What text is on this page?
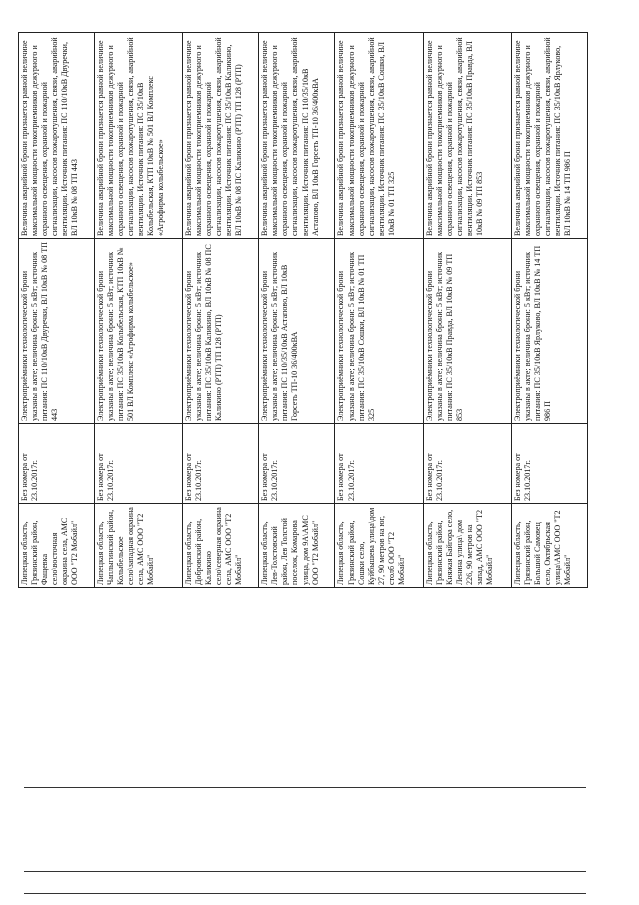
Липецкая область, Грязинский район, Фащевка село\восточная окраина села, АМС ООО "Т2 Мобайл"	Без номера от 23.10.2017г.	Электроприёмники технологической брони указаны в акте; величина брони: 5 кВт; источник питания: ПС 110/10кВ Двуречки, ВЛ 10кВ № 08 ТП 443	Величина аварийной брони признается равной величине максимальной мощности токоприемников дежурного и охранного освещения, охранной и пожарной сигнализации, насосов пожаротушения, связи, аварийной вентиляции. Источник питания: ПС 110/10кВ Двуречки, ВЛ 10кВ № 08 ТП 443
Липецкая область, Чаплыгинский район, Колыбельское село\западная окраина села, АМС ООО "Т2 Мобайл"	Без номера от 23.10.2017г.	Электроприёмники технологической брони указаны в акте; величина брони: 5 кВт; источник питания: ПС 35/10кВ Колыбельская, КТП 10кВ № 501 ВЛ Комплекс «Агрофирма колыбельское»	Величина аварийной брони признается равной величине максимальной мощности токоприемников дежурного и охранного освещения, охранной и пожарной сигнализации, насосов пожаротушения, связи, аварийной вентиляции. Источник питания: ПС 35/10кВ Колыбельская, КТП 10кВ № 501 ВЛ Комплекс «Агрофирма колыбельское»
Липецкая область, Добровский район, Каликино село\северная окраина села, АМС ООО "Т2 Мобайл"	Без номера от 23.10.2017г.	Электроприёмники технологической брони указаны в акте; величина брони: 5 кВт; источник питания: ПС 35/10кВ Каликино, ВЛ 10кВ № 08 ПС Каликино (РТП) ТП 128 (РТП)	Величина аварийной брони признается равной величине максимальной мощности токоприемников дежурного и охранного освещения, охранной и пожарной сигнализации, насосов пожаротушения, связи, аварийной вентиляции. Источник питания: ПС 35/10кВ Каликино, ВЛ 10кВ № 08 ПС Каликино (РТП) ТП 128 (РТП)
Липецкая область, Лев-Толстовский район, Лев Толстой поселок, Комарова улица, дом 9А\АМС ООО "Т2 Мобайл"	Без номера от 23.10.2017г.	Электроприёмники технологической брони указаны в акте; величина брони: 5 кВт; источник питания: ПС 110/35/10кВ Астапово, ВЛ 10кВ Горсеть ТП-10 36/400кВА	Величина аварийной брони признается равной величине максимальной мощности токоприемников дежурного и охранного освещения, охранной и пожарной сигнализации, насосов пожаротушения, связи, аварийной вентиляции. Источник питания: ПС 110/35/10кВ Астапово, ВЛ 10кВ Горсеть ТП-10 36/400кВА
Липецкая область, Грязинский район, Сошки село, Куйбышева улица\дом 27, 90 метров на юг, столб ООО "Т2 Мобайл"	Без номера от 23.10.2017г.	Электроприёмники технологической брони указаны в акте; величина брони: 5 кВт; источник питания: ПС 35/10кВ Сошки, ВЛ 10кВ № 01 ТП 325	Величина аварийной брони признается равной величине максимальной мощности токоприемников дежурного и охранного освещения, охранной и пожарной сигнализации, насосов пожаротушения, связи, аварийной вентиляции. Источник питания: ПС 35/10кВ Сошки, ВЛ 10кВ № 01 ТП 325
Липецкая область, Грязинский район, Княжая Байгора село, Ленина улица\ дом 226, 90 метров на запад, АМС ООО "Т2 Мобайл"	Без номера от 23.10.2017г.	Электроприёмники технологической брони указаны в акте; величина брони: 5 кВт; источник питания: ПС 35/10кВ Правда, ВЛ 10кВ № 09 ТП 853	Величина аварийной брони признается равной величине максимальной мощности токоприемников дежурного и охранного освещения, охранной и пожарной сигнализации, насосов пожаротушения, связи, аварийной вентиляции. Источник питания: ПС 35/10кВ Правда, ВЛ 10кВ № 09 ТП 853
Липецкая область, Грязинский район, Большой Самовец село, Октябрьская улица\АМС ООО "Т2 Мобайл"	Без номера от 23.10.2017г.	Электроприёмники технологической брони указаны в акте; величина брони: 5 кВт; источник питания: ПС 35/10кВ Ярлуково, ВЛ 10кВ № 14 ТП 986 П	Величина аварийной брони признается равной величине максимальной мощности токоприемников дежурного и охранного освещения, охранной и пожарной сигнализации, насосов пожаротушения, связи, аварийной вентиляции. Источник питания: ПС 35/10кВ Ярлуково, ВЛ 10кВ № 14 ТП 986 П
